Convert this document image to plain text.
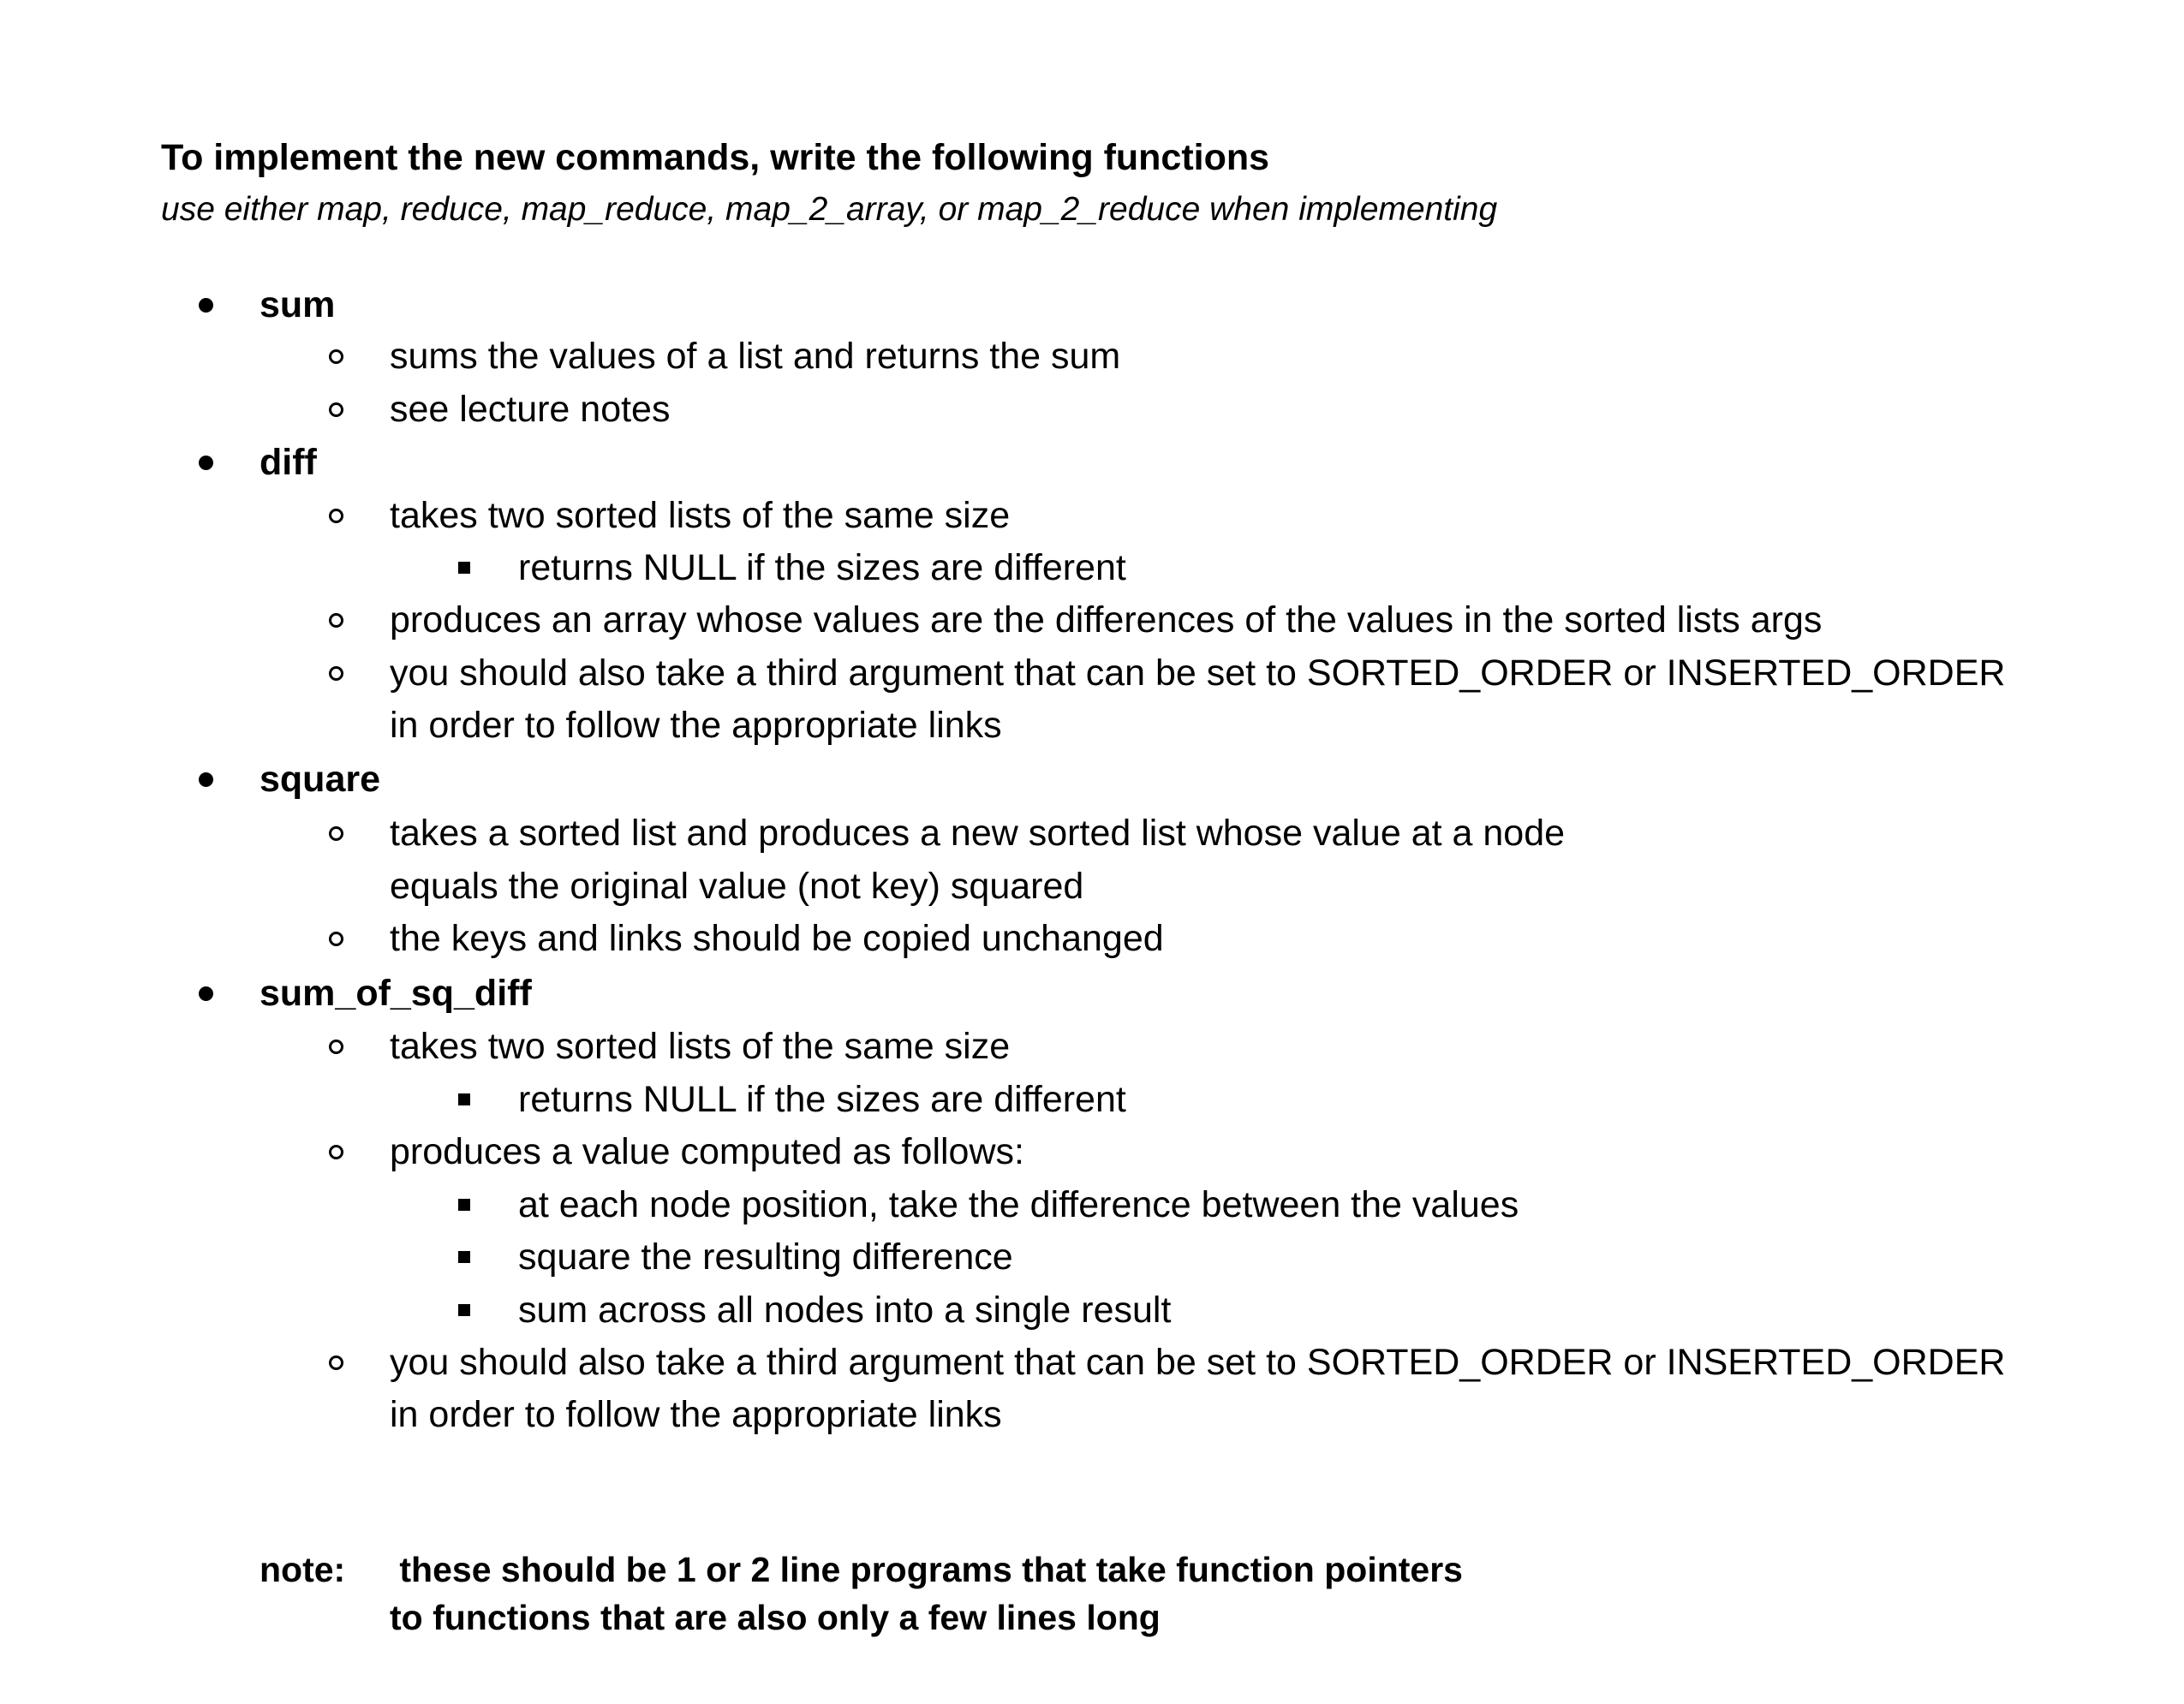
To implement the new commands, write the following functions
use either map, reduce, map_reduce, map_2_array, or map_2_reduce when implementing
sum
sums the values of a list and returns the sum
see lecture notes
diff
takes two sorted lists of the same size
returns NULL if the sizes are different
produces an array whose values are the differences of the values in the sorted lists args
you should also take a third argument that can be set to SORTED_ORDER or INSERTED_ORDER
in order to follow the appropriate links
square
takes a sorted list and produces a new sorted list whose value at a node
equals the original value (not key) squared
the keys and links should be copied unchanged
sum_of_sq_diff
takes two sorted lists of the same size
returns NULL if the sizes are different
produces a value computed as follows:
at each node position, take the difference between the values
square the resulting difference
sum across all nodes into a single result
you should also take a third argument that can be set to SORTED_ORDER or INSERTED_ORDER
in order to follow the appropriate links
note: these should be 1 or 2 line programs that take function pointers
to functions that are also only a few lines long
